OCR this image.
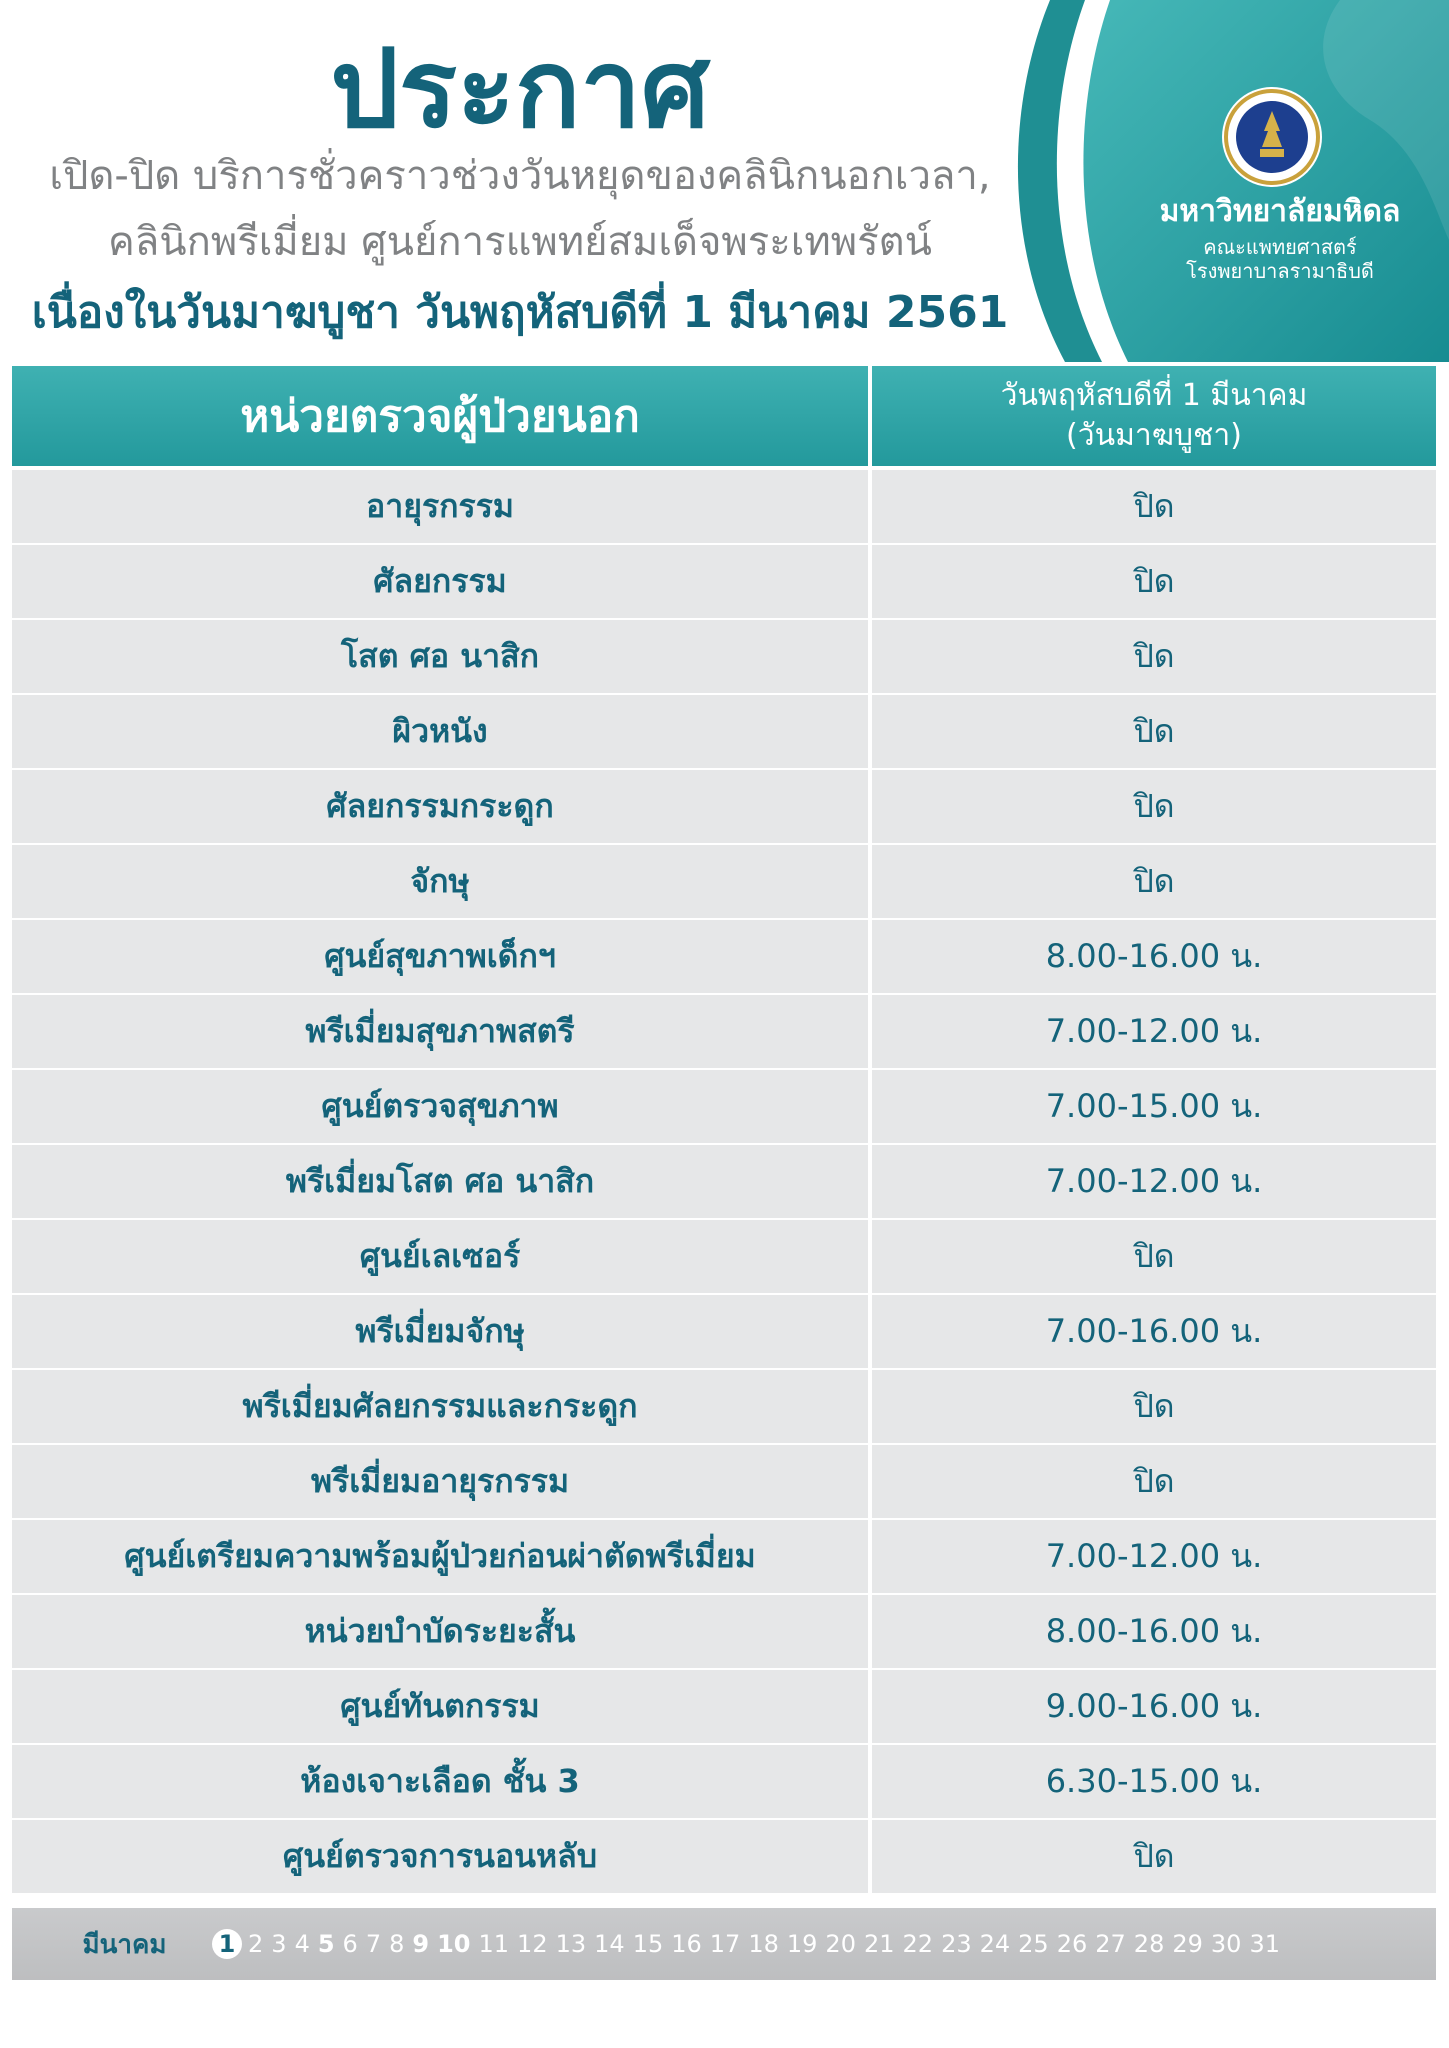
มหาวิทยาลัยมหิดล
คณะแพทยศาสตร์
โรงพยาบาลรามาธิบดี
ประกาศ
เปิด-ปิด บริการชั่วคราวช่วงวันหยุดของคลินิกนอกเวลา,
คลินิกพรีเมี่ยม ศูนย์การแพทย์สมเด็จพระเทพรัตน์
เนื่องในวันมาฆบูชา วันพฤหัสบดีที่ 1 มีนาคม 2561
หน่วยตรวจผู้ป่วยนอก	วันพฤหัสบดีที่ 1 มีนาคม
(วันมาฆบูชา)
อายุรกรรม	ปิด
ศัลยกรรม	ปิด
โสต ศอ นาสิก	ปิด
ผิวหนัง	ปิด
ศัลยกรรมกระดูก	ปิด
จักษุ	ปิด
ศูนย์สุขภาพเด็กฯ	8.00-16.00 น.
พรีเมี่ยมสุขภาพสตรี	7.00-12.00 น.
ศูนย์ตรวจสุขภาพ	7.00-15.00 น.
พรีเมี่ยมโสต ศอ นาสิก	7.00-12.00 น.
ศูนย์เลเซอร์	ปิด
พรีเมี่ยมจักษุ	7.00-16.00 น.
พรีเมี่ยมศัลยกรรมและกระดูก	ปิด
พรีเมี่ยมอายุรกรรม	ปิด
ศูนย์เตรียมความพร้อมผู้ป่วยก่อนผ่าตัดพรีเมี่ยม	7.00-12.00 น.
หน่วยบำบัดระยะสั้น	8.00-16.00 น.
ศูนย์ทันตกรรม	9.00-16.00 น.
ห้องเจาะเลือด ชั้น 3	6.30-15.00 น.
ศูนย์ตรวจการนอนหลับ	ปิด
มีนาคม	1 2 3 4 5 6 7 8 9 10 11 12 13 14 15 16 17 18 19 20 21 22 23 24 25 26 27 28 29 30 31
